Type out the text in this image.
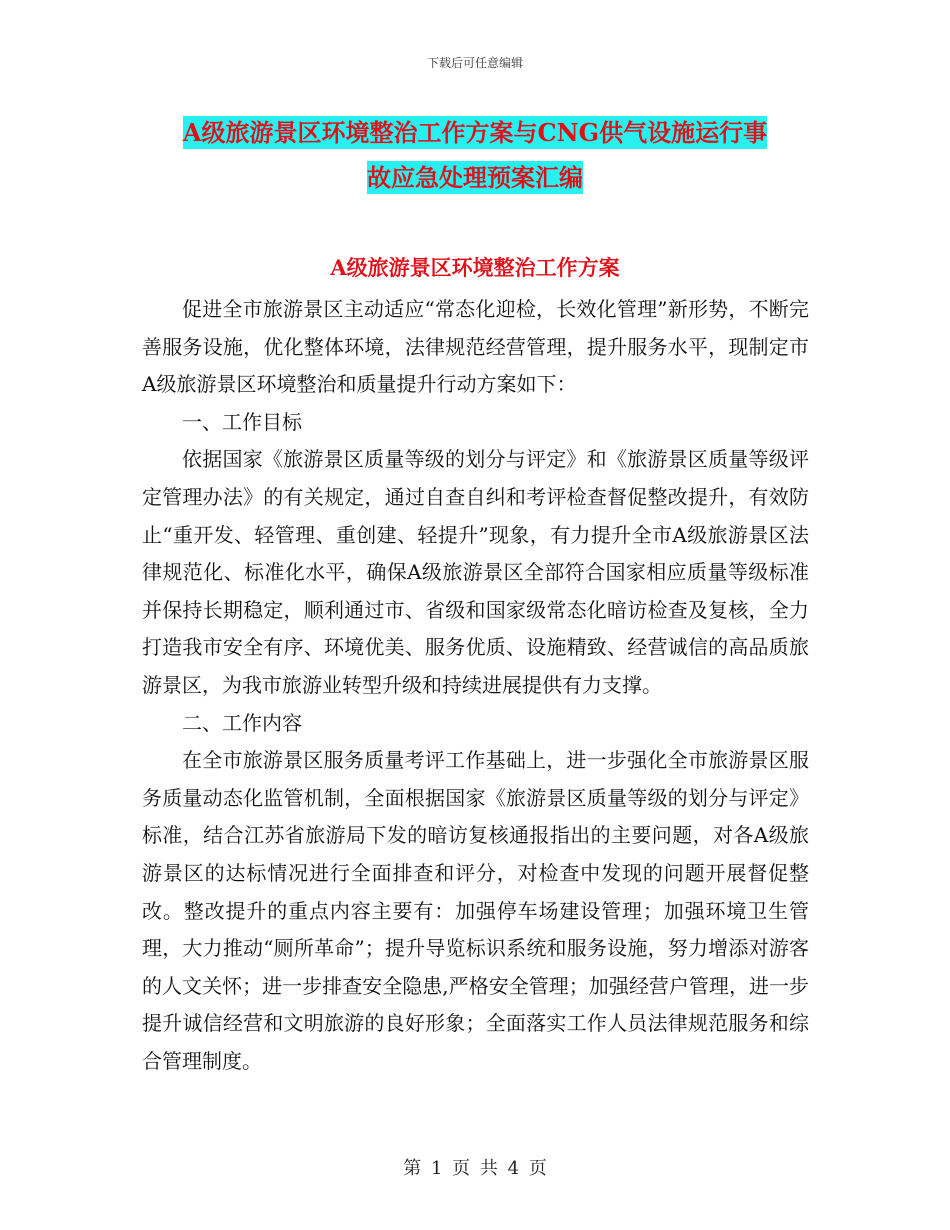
下载后可任意编辑
A级旅游景区环境整治工作方案与CNG供气设施运行事
故应急处理预案汇编
A级旅游景区环境整治工作方案

促进全市旅游景区主动适应“常态化迎检，长效化管理”新形势，不断完善服务设施，优化整体环境，法律规范经营管理，提升服务水平，现制定市A级旅游景区环境整治和质量提升行动方案如下：

一、工作目标

依据国家《旅游景区质量等级的划分与评定》和《旅游景区质量等级评定管理办法》的有关规定，通过自查自纠和考评检查督促整改提升，有效防止“重开发、轻管理、重创建、轻提升”现象，有力提升全市A级旅游景区法律规范化、标准化水平，确保A级旅游景区全部符合国家相应质量等级标准并保持长期稳定，顺利通过市、省级和国家级常态化暗访检查及复核，全力打造我市安全有序、环境优美、服务优质、设施精致、经营诚信的高品质旅游景区，为我市旅游业转型升级和持续进展提供有力支撑。

二、工作内容

在全市旅游景区服务质量考评工作基础上，进一步强化全市旅游景区服务质量动态化监管机制，全面根据国家《旅游景区质量等级的划分与评定》标准，结合江苏省旅游局下发的暗访复核通报指出的主要问题，对各A级旅游景区的达标情况进行全面排查和评分，对检查中发现的问题开展督促整改。整改提升的重点内容主要有：加强停车场建设管理；加强环境卫生管理，大力推动“厕所革命”；提升导览标识系统和服务设施，努力增添对游客的人文关怀；进一步排查安全隐患,严格安全管理；加强经营户管理，进一步提升诚信经营和文明旅游的良好形象；全面落实工作人员法律规范服务和综合管理制度。

第 1 页 共 4 页
